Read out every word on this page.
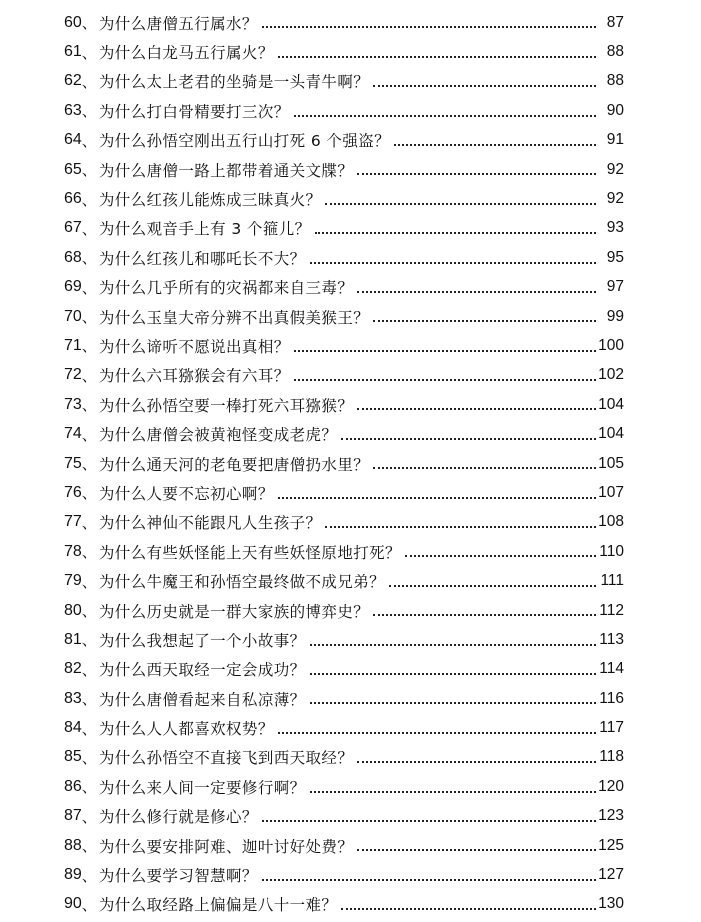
60 、 为什么唐僧五行属水？	87
61 、 为什么白龙马五行属火？	88
62 、 为什么太上老君的坐骑是一头青牛啊？	88
63 、 为什么打白骨精要打三次？	90
64 、 为什么孙悟空刚出五行山打死 6 个强盗？	91
65 、 为什么唐僧一路上都带着通关文牒？	92
66 、 为什么红孩儿能炼成三昧真火？	92
67 、 为什么观音手上有 3 个箍儿？	93
68 、 为什么红孩儿和哪吒长不大？	95
69 、 为什么几乎所有的灾祸都来自三毒？	97
70 、 为什么玉皇大帝分辨不出真假美猴王？	99
71 、 为什么谛听不愿说出真相？	100
72 、 为什么六耳猕猴会有六耳？	102
73 、 为什么孙悟空要一棒打死六耳猕猴？	104
74 、 为什么唐僧会被黄袍怪变成老虎？	104
75 、 为什么通天河的老龟要把唐僧扔水里？	105
76 、 为什么人要不忘初心啊？	107
77 、 为什么神仙不能跟凡人生孩子？	108
78 、 为什么有些妖怪能上天有些妖怪原地打死？	110
79 、 为什么牛魔王和孙悟空最终做不成兄弟？	111
80 、 为什么历史就是一群大家族的博弈史？	112
81 、 为什么我想起了一个小故事？	113
82 、 为什么西天取经一定会成功？	114
83 、 为什么唐僧看起来自私凉薄？	116
84 、 为什么人人都喜欢权势？	117
85 、 为什么孙悟空不直接飞到西天取经？	118
86 、 为什么来人间一定要修行啊？	120
87 、 为什么修行就是修心？	123
88 、 为什么要安排阿难、迦叶讨好处费？	125
89 、 为什么要学习智慧啊？	127
90 、 为什么取经路上偏偏是八十一难？	130
